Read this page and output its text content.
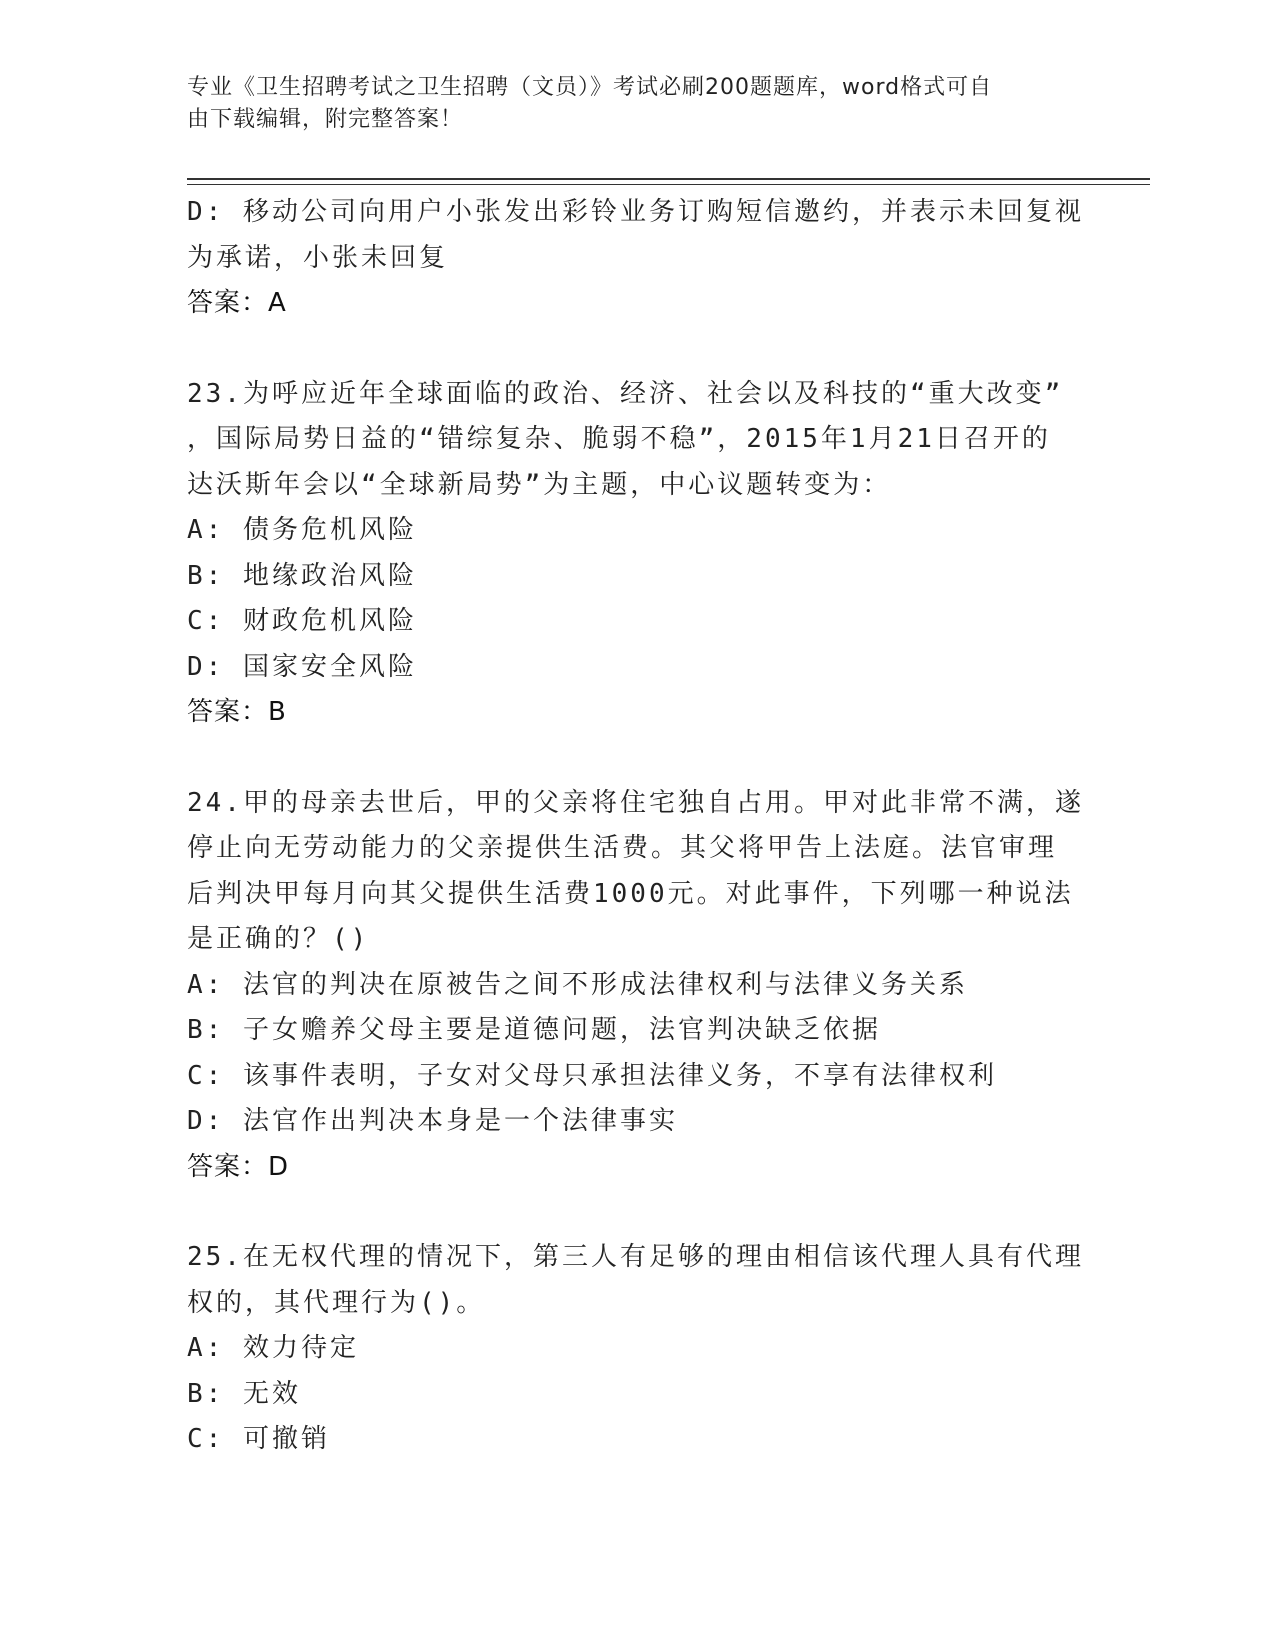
专业《卫生招聘考试之卫生招聘（文员）》考试必刷200题题库，word格式可自
由下载编辑，附完整答案！
D: 移动公司向用户小张发出彩铃业务订购短信邀约，并表示未回复视
为承诺，小张未回复
答案：A
23.为呼应近年全球面临的政治、经济、社会以及科技的“重大改变”
，国际局势日益的“错综复杂、脆弱不稳”，2015年1月21日召开的
达沃斯年会以“全球新局势”为主题，中心议题转变为：
A: 债务危机风险
B: 地缘政治风险
C: 财政危机风险
D: 国家安全风险
答案：B
24.甲的母亲去世后，甲的父亲将住宅独自占用。甲对此非常不满，遂
停止向无劳动能力的父亲提供生活费。其父将甲告上法庭。法官审理
后判决甲每月向其父提供生活费1000元。对此事件，下列哪一种说法
是正确的？()
A: 法官的判决在原被告之间不形成法律权利与法律义务关系
B: 子女赡养父母主要是道德问题，法官判决缺乏依据
C: 该事件表明，子女对父母只承担法律义务，不享有法律权利
D: 法官作出判决本身是一个法律事实
答案：D
25.在无权代理的情况下，第三人有足够的理由相信该代理人具有代理
权的，其代理行为()。
A: 效力待定
B: 无效
C: 可撤销
